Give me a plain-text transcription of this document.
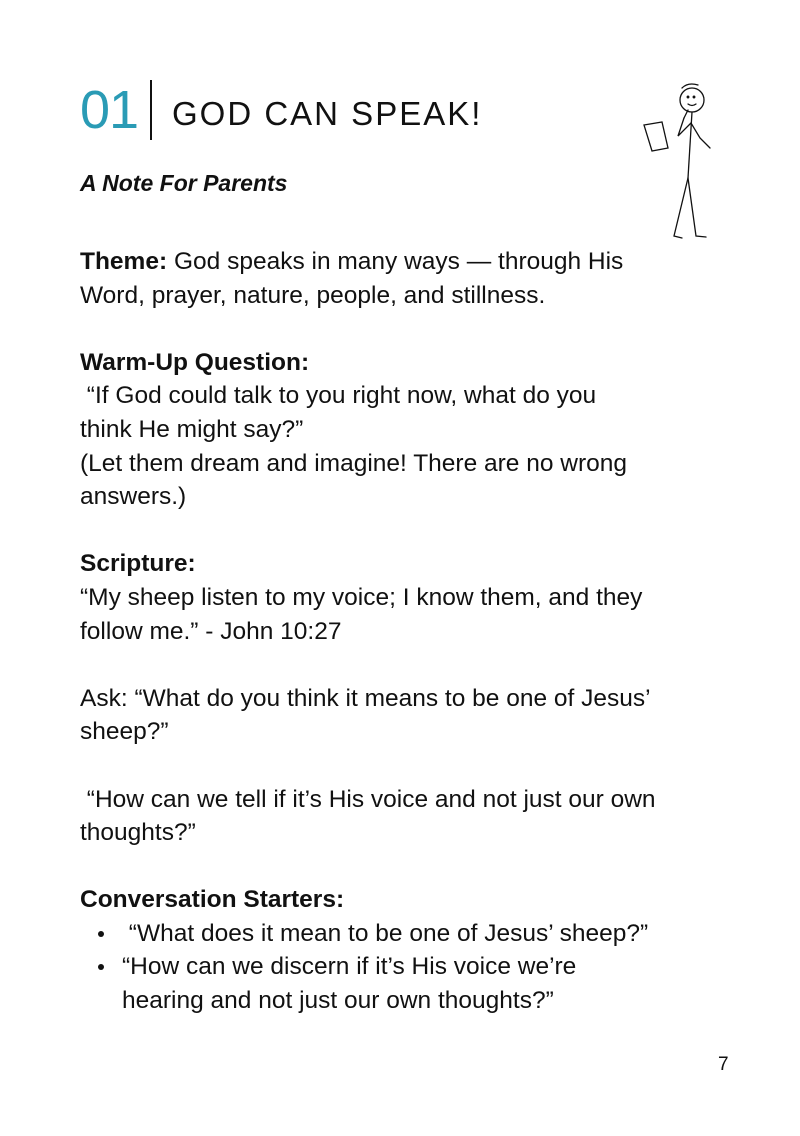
01 GOD CAN SPEAK!
A Note For Parents
Theme: God speaks in many ways — through His
Word, prayer, nature, people, and stillness.
Warm-Up Question:
“If God could talk to you right now, what do you
think He might say?”
(Let them dream and imagine! There are no wrong
answers.)
Scripture:
“My sheep listen to my voice; I know them, and they
follow me.” - John 10:27
Ask: “What do you think it means to be one of Jesus’
sheep?”
“How can we tell if it’s His voice and not just our own
thoughts?”
Conversation Starters:
“What does it mean to be one of Jesus’ sheep?”
“How can we discern if it’s His voice we’re
hearing and not just our own thoughts?”
7
